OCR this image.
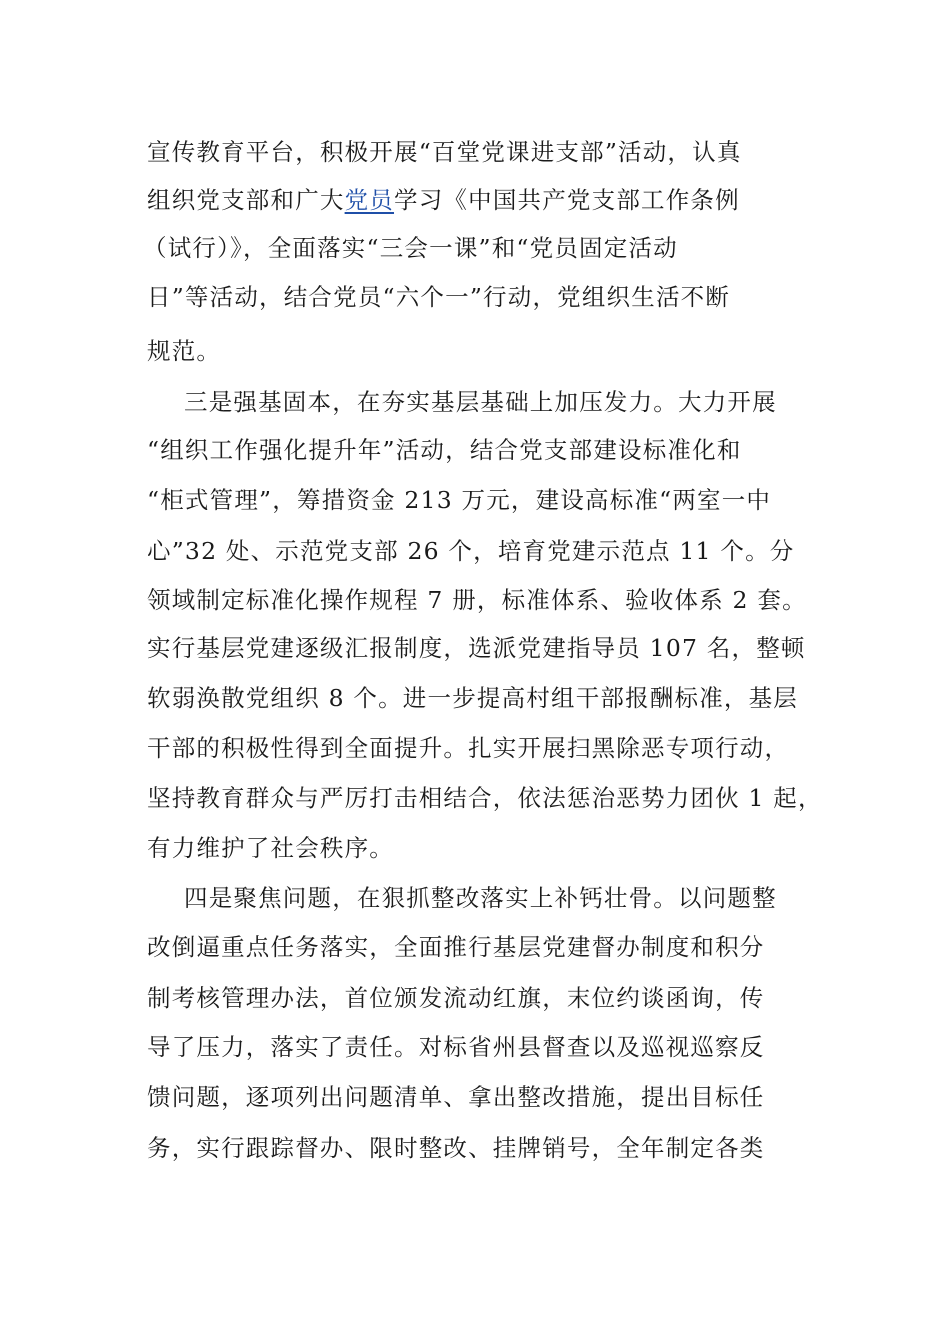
宣传教育平台，积极开展“百堂党课进支部”活动，认真
组织党支部和广大党员学习《中国共产党支部工作条例
（试行）》，全面落实“三会一课”和“党员固定活动
日”等活动，结合党员“六个一”行动，党组织生活不断
规范。
三是强基固本，在夯实基层基础上加压发力。大力开展
“组织工作强化提升年”活动，结合党支部建设标准化和
“柜式管理”，筹措资金 213 万元，建设高标准“两室一中
心”32 处、示范党支部 26 个，培育党建示范点 11 个。分
领域制定标准化操作规程 7 册，标准体系、验收体系 2 套。
实行基层党建逐级汇报制度，选派党建指导员 107 名，整顿
软弱涣散党组织 8 个。进一步提高村组干部报酬标准，基层
干部的积极性得到全面提升。扎实开展扫黑除恶专项行动，
坚持教育群众与严厉打击相结合，依法惩治恶势力团伙 1 起，
有力维护了社会秩序。
四是聚焦问题，在狠抓整改落实上补钙壮骨。以问题整
改倒逼重点任务落实，全面推行基层党建督办制度和积分
制考核管理办法，首位颁发流动红旗，末位约谈函询，传
导了压力，落实了责任。对标省州县督查以及巡视巡察反
馈问题，逐项列出问题清单、拿出整改措施，提出目标任
务，实行跟踪督办、限时整改、挂牌销号，全年制定各类
